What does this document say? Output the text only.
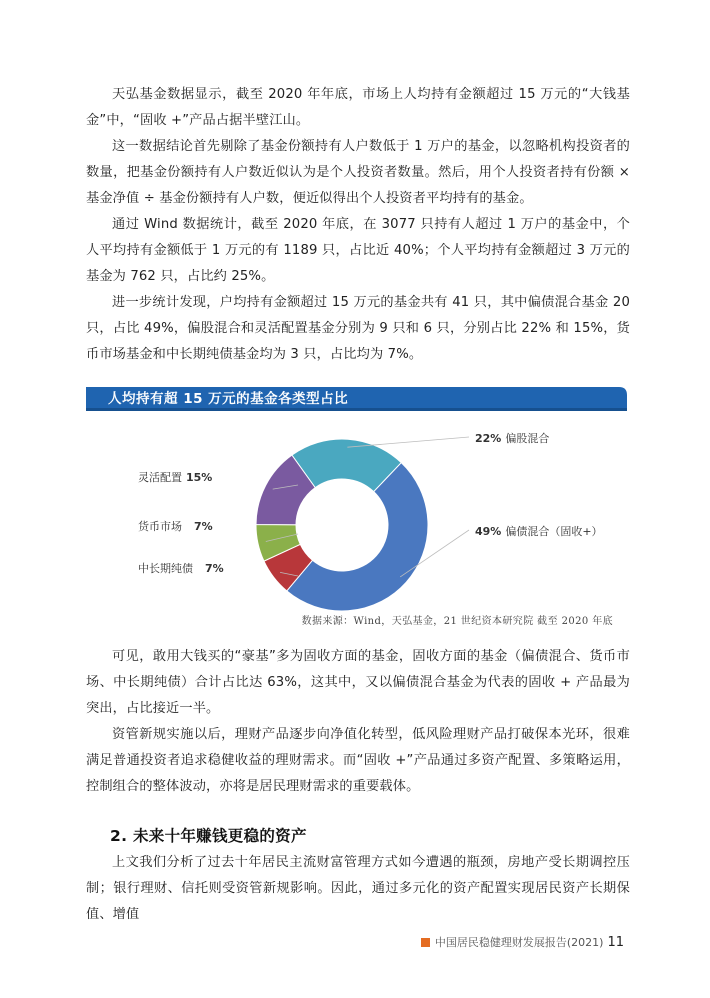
天弘基金数据显示，截至 2020 年年底，市场上人均持有金额超过 15 万元的“大钱基金”中，“固收 +”产品占据半壁江山。

这一数据结论首先剔除了基金份额持有人户数低于 1 万户的基金，以忽略机构投资者的数量，把基金份额持有人户数近似认为是个人投资者数量。然后，用个人投资者持有份额 × 基金净值 ÷ 基金份额持有人户数，便近似得出个人投资者平均持有的基金。

通过 Wind 数据统计，截至 2020 年底，在 3077 只持有人超过 1 万户的基金中，个人平均持有金额低于 1 万元的有 1189 只，占比近 40%；个人平均持有金额超过 3 万元的基金为 762 只，占比约 25%。

进一步统计发现，户均持有金额超过 15 万元的基金共有 41 只，其中偏债混合基金 20 只，占比 49%，偏股混合和灵活配置基金分别为 9 只和 6 只，分别占比 22% 和 15%，货币市场基金和中长期纯债基金均为 3 只，占比均为 7%。

人均持有超 15 万元的基金各类型占比
22% 偏股混合
49% 偏债混合（固收+）
灵活配置 15%
货币市场 7%
中长期纯债 7%
数据来源：Wind，天弘基金，21 世纪资本研究院 截至 2020 年底

可见，敢用大钱买的“豪基”多为固收方面的基金，固收方面的基金（偏债混合、货币市场、中长期纯债）合计占比达 63%，这其中，又以偏债混合基金为代表的固收 + 产品最为突出，占比接近一半。

资管新规实施以后，理财产品逐步向净值化转型，低风险理财产品打破保本光环，很难满足普通投资者追求稳健收益的理财需求。而“固收 +”产品通过多资产配置、多策略运用，控制组合的整体波动，亦将是居民理财需求的重要载体。

2. 未来十年赚钱更稳的资产

上文我们分析了过去十年居民主流财富管理方式如今遭遇的瓶颈，房地产受长期调控压制；银行理财、信托则受资管新规影响。因此，通过多元化的资产配置实现居民资产长期保值、增值

中国居民稳健理财发展报告(2021) 11
